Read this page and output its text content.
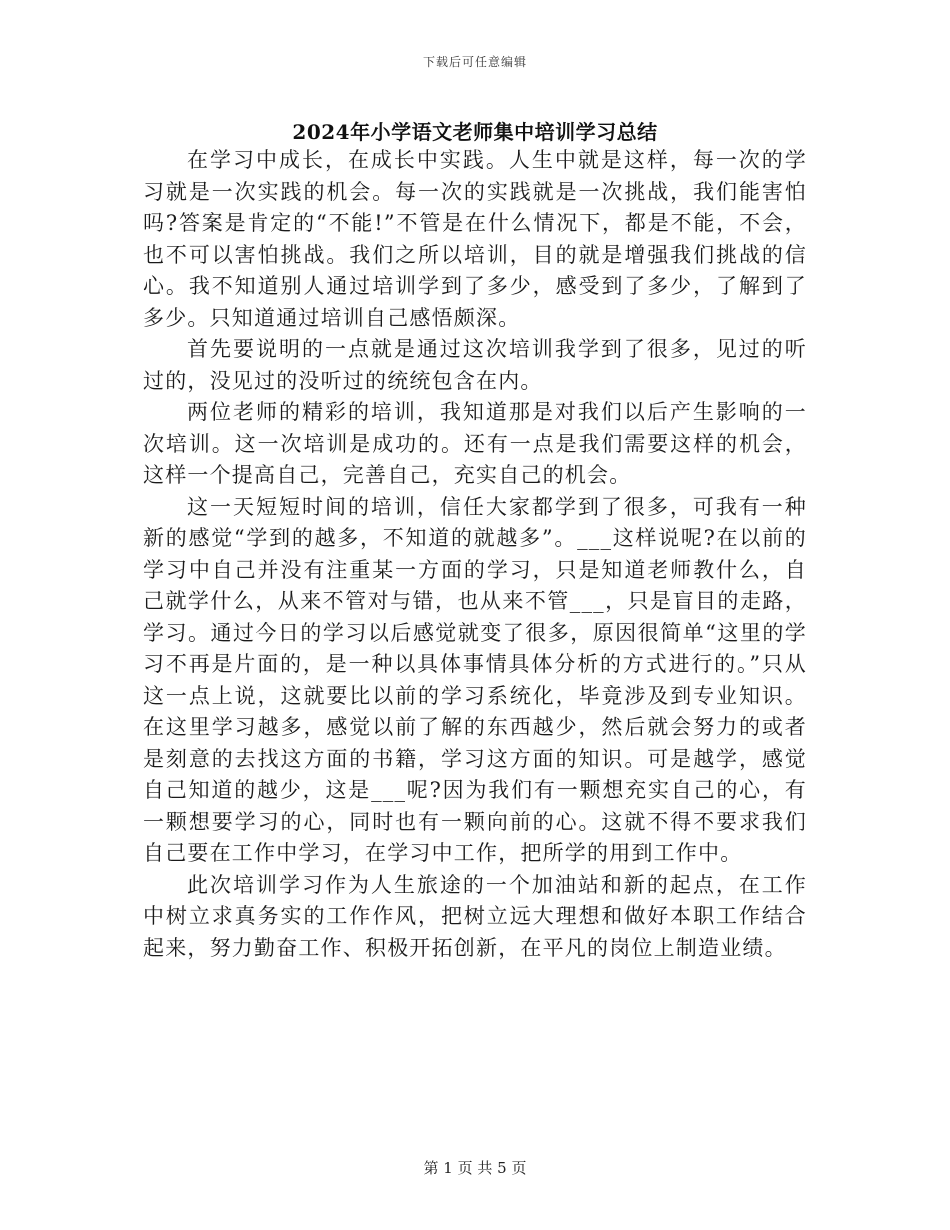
下载后可任意编辑
2024年小学语文老师集中培训学习总结

在学习中成长，在成长中实践。人生中就是这样，每一次的学习就是一次实践的机会。每一次的实践就是一次挑战，我们能害怕吗?答案是肯定的“不能!”不管是在什么情况下，都是不能，不会，也不可以害怕挑战。我们之所以培训，目的就是增强我们挑战的信心。我不知道别人通过培训学到了多少，感受到了多少，了解到了多少。只知道通过培训自己感悟颇深。

首先要说明的一点就是通过这次培训我学到了很多，见过的听过的，没见过的没听过的统统包含在内。

两位老师的精彩的培训，我知道那是对我们以后产生影响的一次培训。这一次培训是成功的。还有一点是我们需要这样的机会，这样一个提高自己，完善自己，充实自己的机会。

这一天短短时间的培训，信任大家都学到了很多，可我有一种新的感觉“学到的越多，不知道的就越多”。___这样说呢?在以前的学习中自己并没有注重某一方面的学习，只是知道老师教什么，自己就学什么，从来不管对与错，也从来不管___，只是盲目的走路，学习。通过今日的学习以后感觉就变了很多，原因很简单“这里的学习不再是片面的，是一种以具体事情具体分析的方式进行的。”只从这一点上说，这就要比以前的学习系统化，毕竟涉及到专业知识。在这里学习越多，感觉以前了解的东西越少，然后就会努力的或者是刻意的去找这方面的书籍，学习这方面的知识。可是越学，感觉自己知道的越少，这是___呢?因为我们有一颗想充实自己的心，有一颗想要学习的心，同时也有一颗向前的心。这就不得不要求我们自己要在工作中学习，在学习中工作，把所学的用到工作中。

此次培训学习作为人生旅途的一个加油站和新的起点，在工作中树立求真务实的工作作风，把树立远大理想和做好本职工作结合起来，努力勤奋工作、积极开拓创新，在平凡的岗位上制造业绩。

第 1 页 共 5 页
